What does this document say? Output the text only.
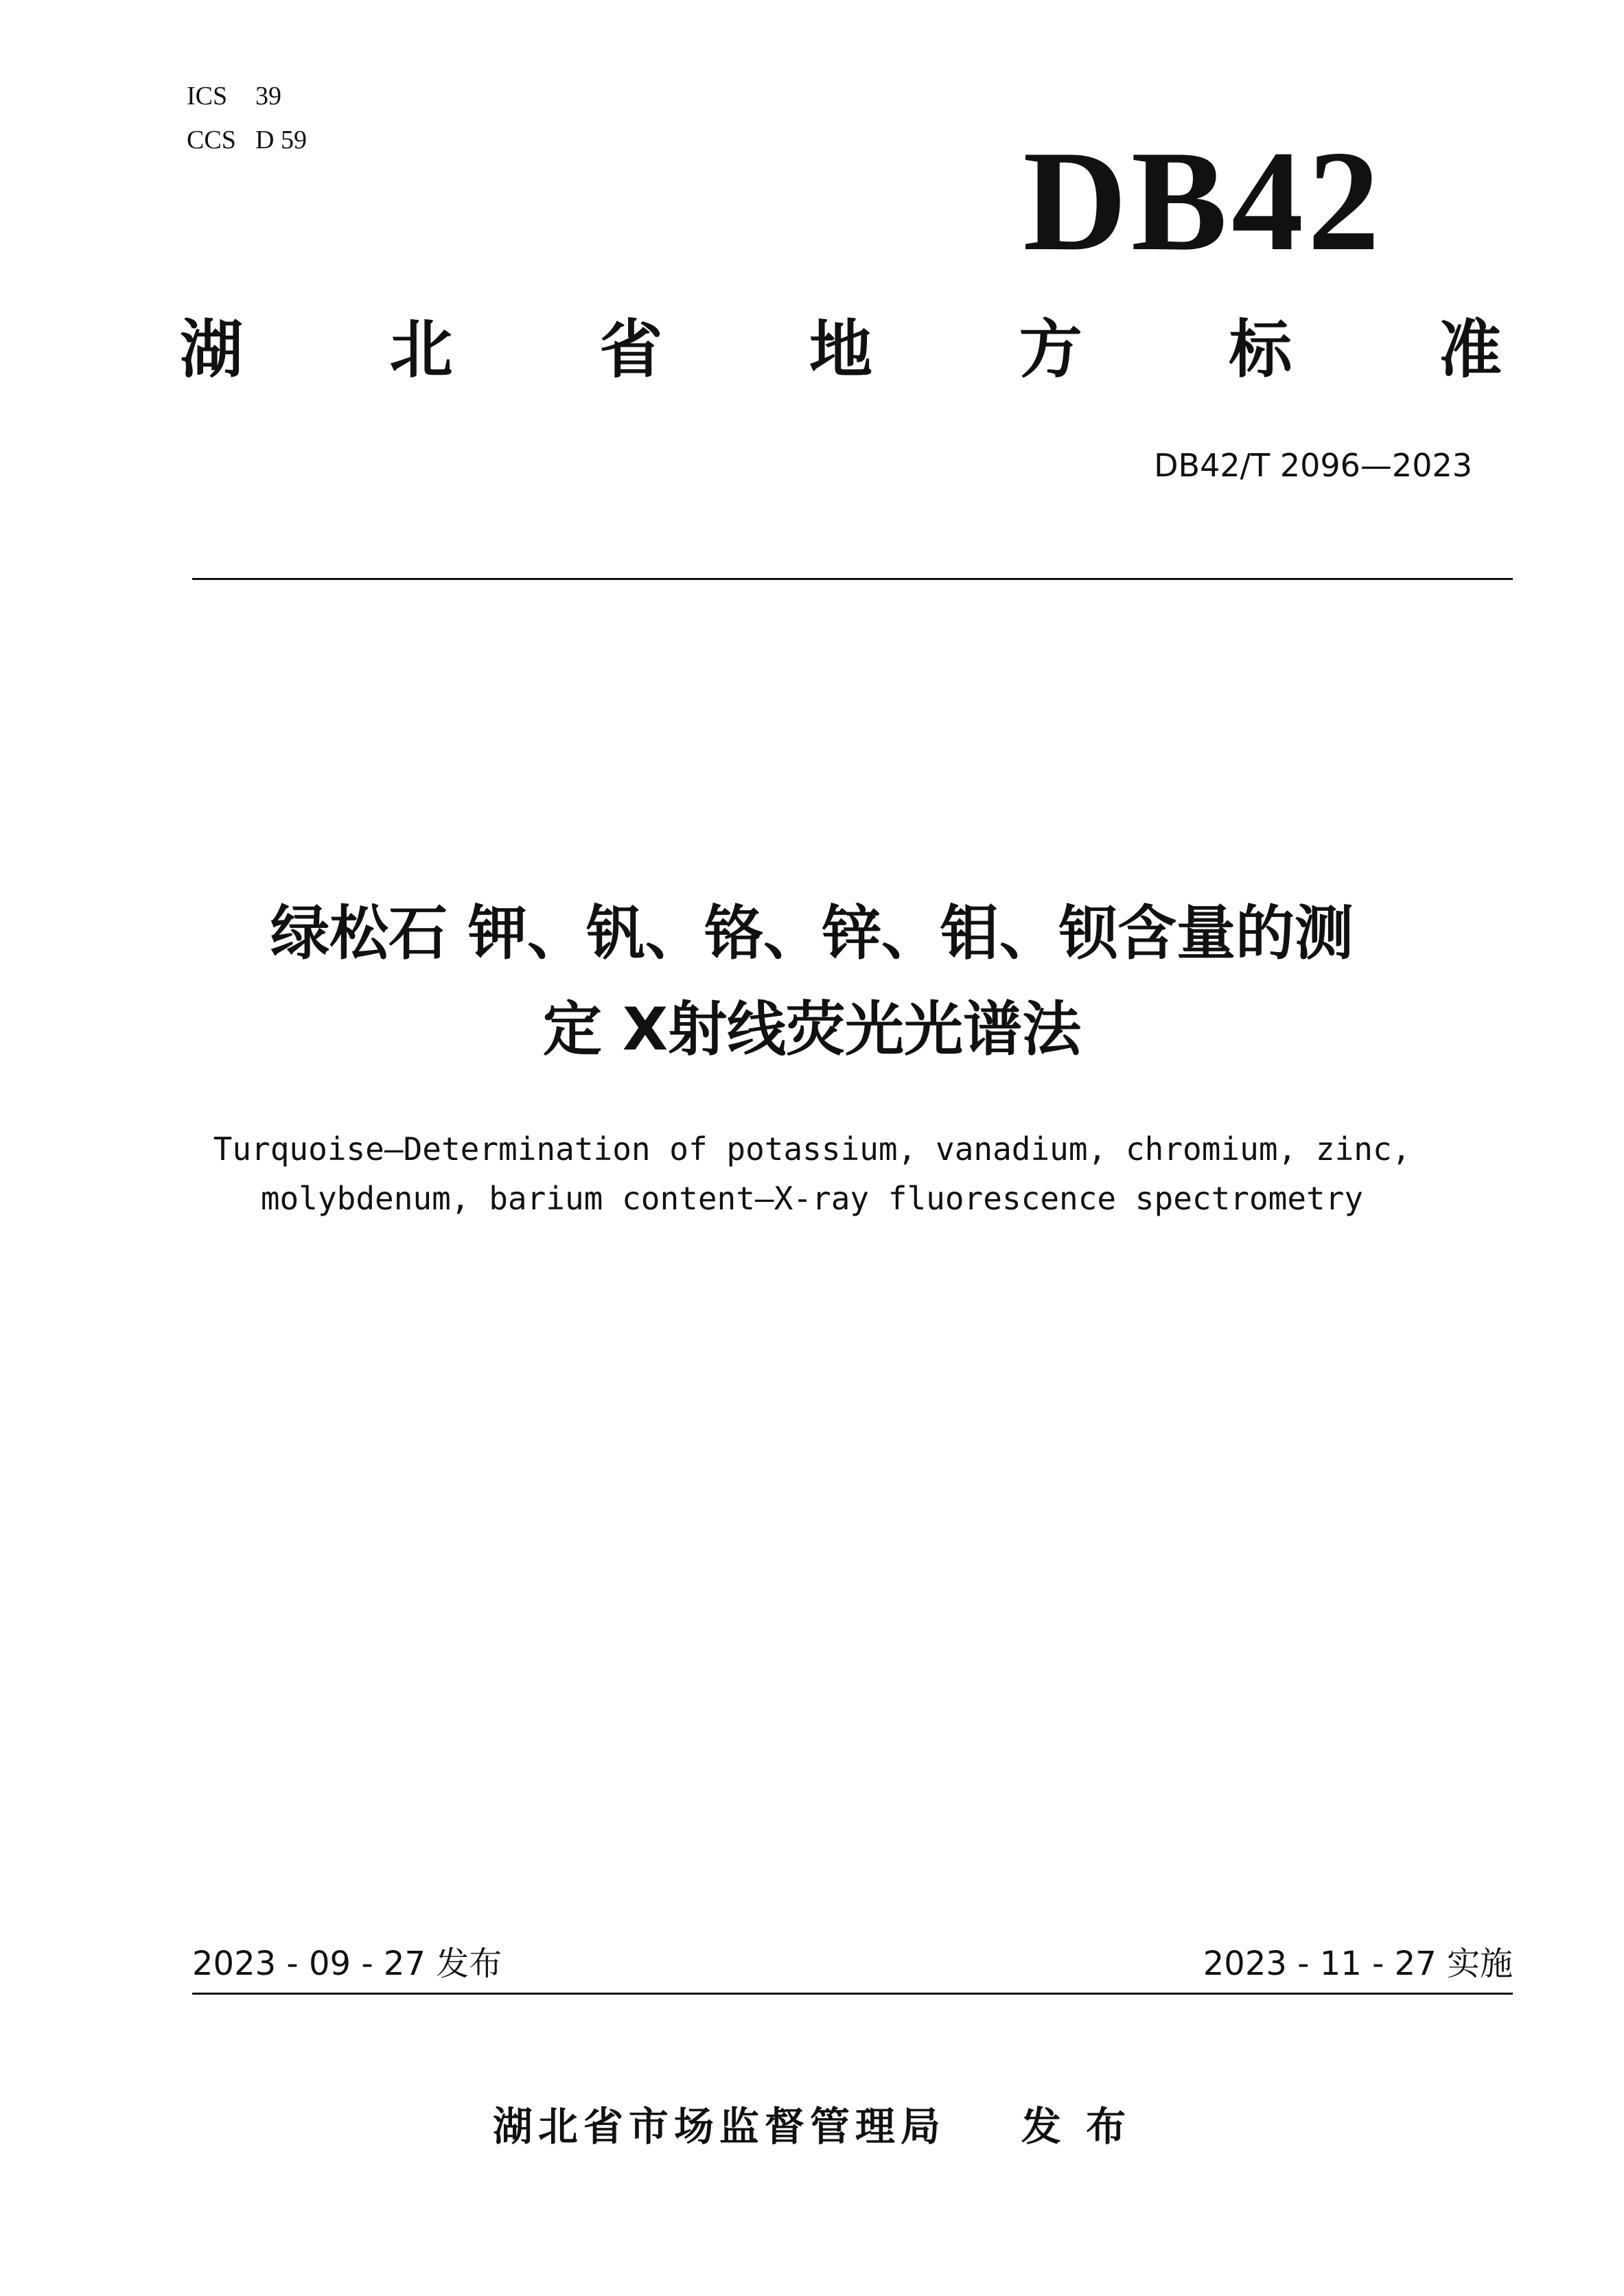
ICS 39
CCS D 59	DB42
湖 北 省 地 方 标 准
DB42/T 2096—2023
绿松石 钾、钒、铬、锌、钼、钡含量的测
定 X射线荧光光谱法
Turquoise—Determination of potassium, vanadium, chromium, zinc,
molybdenum, barium content—X-ray fluorescence spectrometry
2023 - 09 - 27 发布	2023 - 11 - 27 实施
湖北省市场监督管理局 发 布
